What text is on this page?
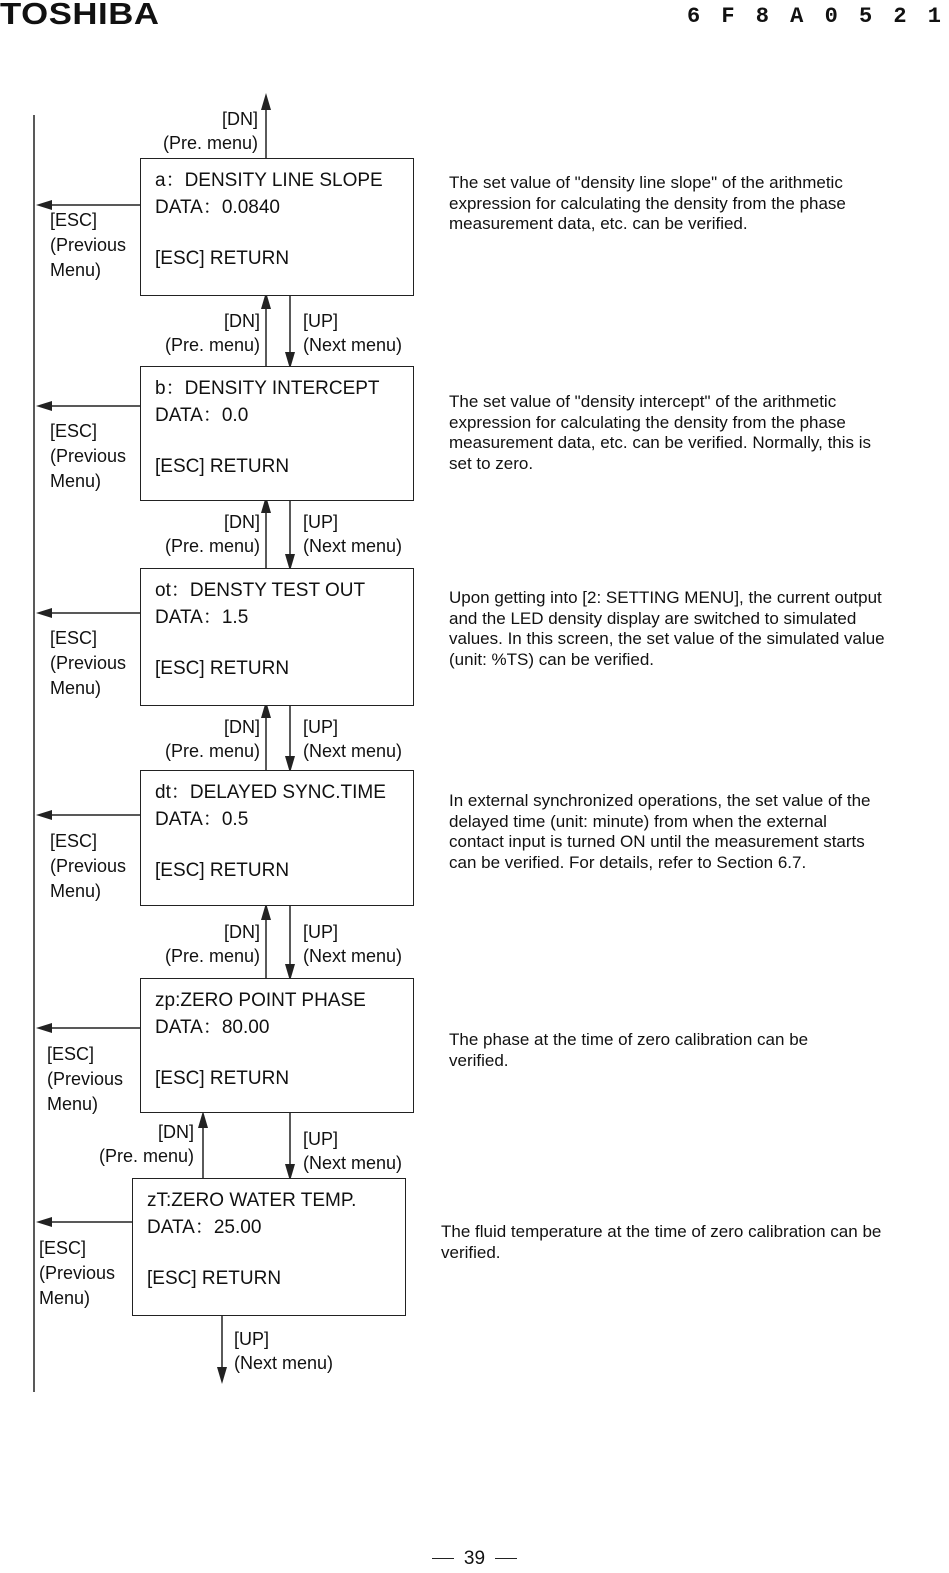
TOSHIBA	6 F 8 A 0 5 2 1
[DN]
(Pre. menu)
a：DENSITY LINE SLOPE
DATA：0.0840
[ESC] RETURN
[ESC]
(Previous
Menu)
The set value of "density line slope" of the arithmetic expression for calculating the density from the phase measurement data, etc. can be verified.
[DN]
(Pre. menu)
[UP]
(Next menu)
b：DENSITY INTERCEPT
DATA：0.0
[ESC] RETURN
[ESC]
(Previous
Menu)
The set value of "density intercept" of the arithmetic expression for calculating the density from the phase measurement data, etc. can be verified. Normally, this is set to zero.
[DN]
(Pre. menu)
[UP]
(Next menu)
ot：DENSTY TEST OUT
DATA：1.5
[ESC] RETURN
[ESC]
(Previous
Menu)
Upon getting into [2: SETTING MENU], the current output and the LED density display are switched to simulated values. In this screen, the set value of the simulated value (unit: %TS) can be verified.
[DN]
(Pre. menu)
[UP]
(Next menu)
dt：DELAYED SYNC.TIME
DATA：0.5
[ESC] RETURN
[ESC]
(Previous
Menu)
In external synchronized operations, the set value of the delayed time (unit: minute) from when the external contact input is turned ON until the measurement starts can be verified. For details, refer to Section 6.7.
[DN]
(Pre. menu)
[UP]
(Next menu)
zp:ZERO POINT PHASE
DATA：80.00
[ESC] RETURN
[ESC]
(Previous
Menu)
The phase at the time of zero calibration can be verified.
[DN]
(Pre. menu)
[UP]
(Next menu)
zT:ZERO WATER TEMP.
DATA：25.00
[ESC] RETURN
[ESC]
(Previous
Menu)
The fluid temperature at the time of zero calibration can be verified.
[UP]
(Next menu)
39
